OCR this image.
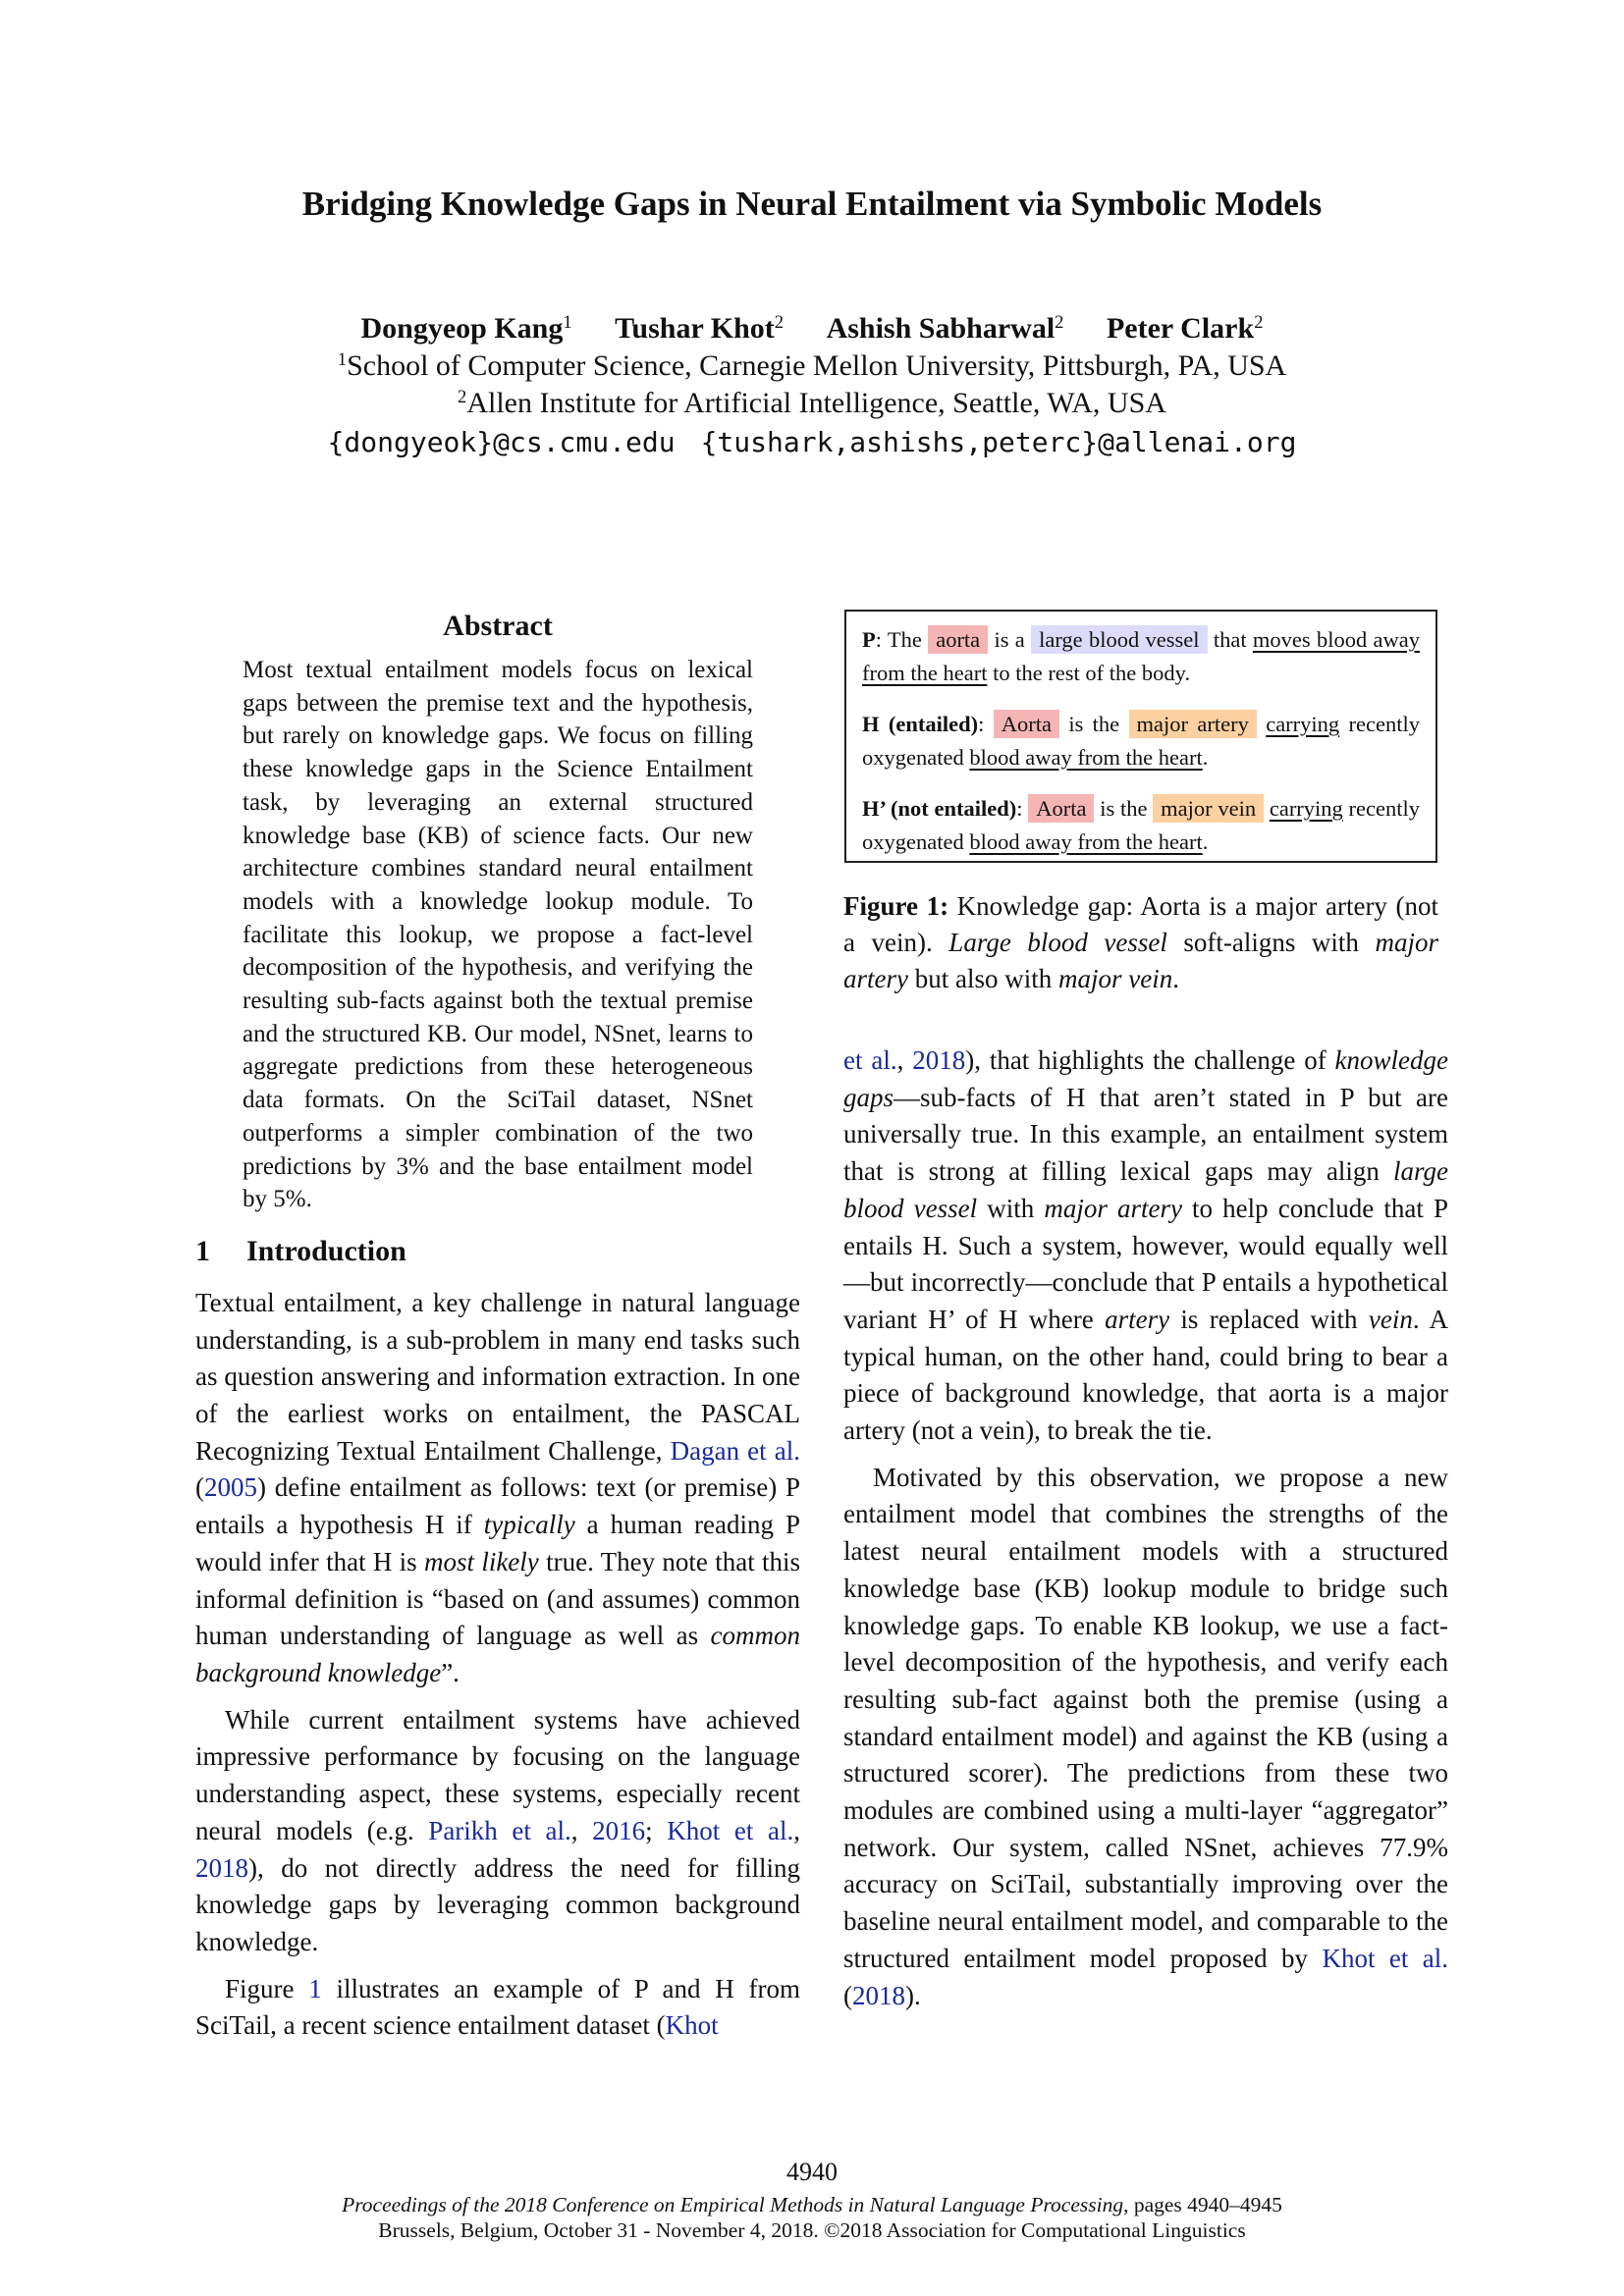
Bridging Knowledge Gaps in Neural Entailment via Symbolic Models
Dongyeop Kang$^1$ Tushar Khot$^2$ Ashish Sabharwal$^2$ Peter Clark$^2$
$^1$School of Computer Science, Carnegie Mellon University, Pittsburgh, PA, USA
$^2$Allen Institute for Artificial Intelligence, Seattle, WA, USA
{dongyeok}@cs.cmu.edu {tushark,ashishs,peterc}@allenai.org
Abstract

Most textual entailment models focus on lexical gaps between the premise text and the hypothesis, but rarely on knowledge gaps. We focus on filling these knowledge gaps in the Science Entailment task, by leveraging an external structured knowledge base (KB) of science facts. Our new architecture combines standard neural entailment models with a knowledge lookup module. To facilitate this lookup, we propose a fact-level decomposition of the hypothesis, and verifying the resulting sub-facts against both the textual premise and the structured KB. Our model, NSnet, learns to aggregate predictions from these heterogeneous data formats. On the SciTail dataset, NSnet outperforms a simpler combination of the two predictions by 3% and the base entailment model by 5%.

1 Introduction

Textual entailment, a key challenge in natural language understanding, is a sub-problem in many end tasks such as question answering and information extraction. In one of the earliest works on entailment, the PASCAL Recognizing Textual Entailment Challenge, Dagan et al. (2005) define entailment as follows: text (or premise) P entails a hypothesis H if typically a human reading P would infer that H is most likely true. They note that this informal definition is “based on (and assumes) common human understanding of language as well as common background knowledge”.

While current entailment systems have achieved impressive performance by focusing on the language understanding aspect, these systems, especially recent neural models (e.g. Parikh et al., 2016; Khot et al., 2018), do not directly address the need for filling knowledge gaps by leveraging common background knowledge.

Figure 1 illustrates an example of P and H from SciTail, a recent science entailment dataset (Khot

P: The aorta is a large blood vessel that moves blood away from the heart to the rest of the body.
H (entailed): Aorta is the major artery carrying recently oxygenated blood away from the heart.
H’ (not entailed): Aorta is the major vein carrying recently oxygenated blood away from the heart.
Figure 1: Knowledge gap: Aorta is a major artery (not a vein). Large blood vessel soft-aligns with major artery but also with major vein.

et al., 2018), that highlights the challenge of knowledge gaps—sub-facts of H that aren’t stated in P but are universally true. In this example, an entailment system that is strong at filling lexical gaps may align large blood vessel with major artery to help conclude that P entails H. Such a system, however, would equally well—but incorrectly—conclude that P entails a hypothetical variant H’ of H where artery is replaced with vein. A typical human, on the other hand, could bring to bear a piece of background knowledge, that aorta is a major artery (not a vein), to break the tie.

Motivated by this observation, we propose a new entailment model that combines the strengths of the latest neural entailment models with a structured knowledge base (KB) lookup module to bridge such knowledge gaps. To enable KB lookup, we use a fact-level decomposition of the hypothesis, and verify each resulting sub-fact against both the premise (using a standard entailment model) and against the KB (using a structured scorer). The predictions from these two modules are combined using a multi-layer “aggregator” network. Our system, called NSnet, achieves 77.9% accuracy on SciTail, substantially improving over the baseline neural entailment model, and comparable to the structured entailment model proposed by Khot et al. (2018).

4940
Proceedings of the 2018 Conference on Empirical Methods in Natural Language Processing, pages 4940–4945
Brussels, Belgium, October 31 - November 4, 2018. ©2018 Association for Computational Linguistics
